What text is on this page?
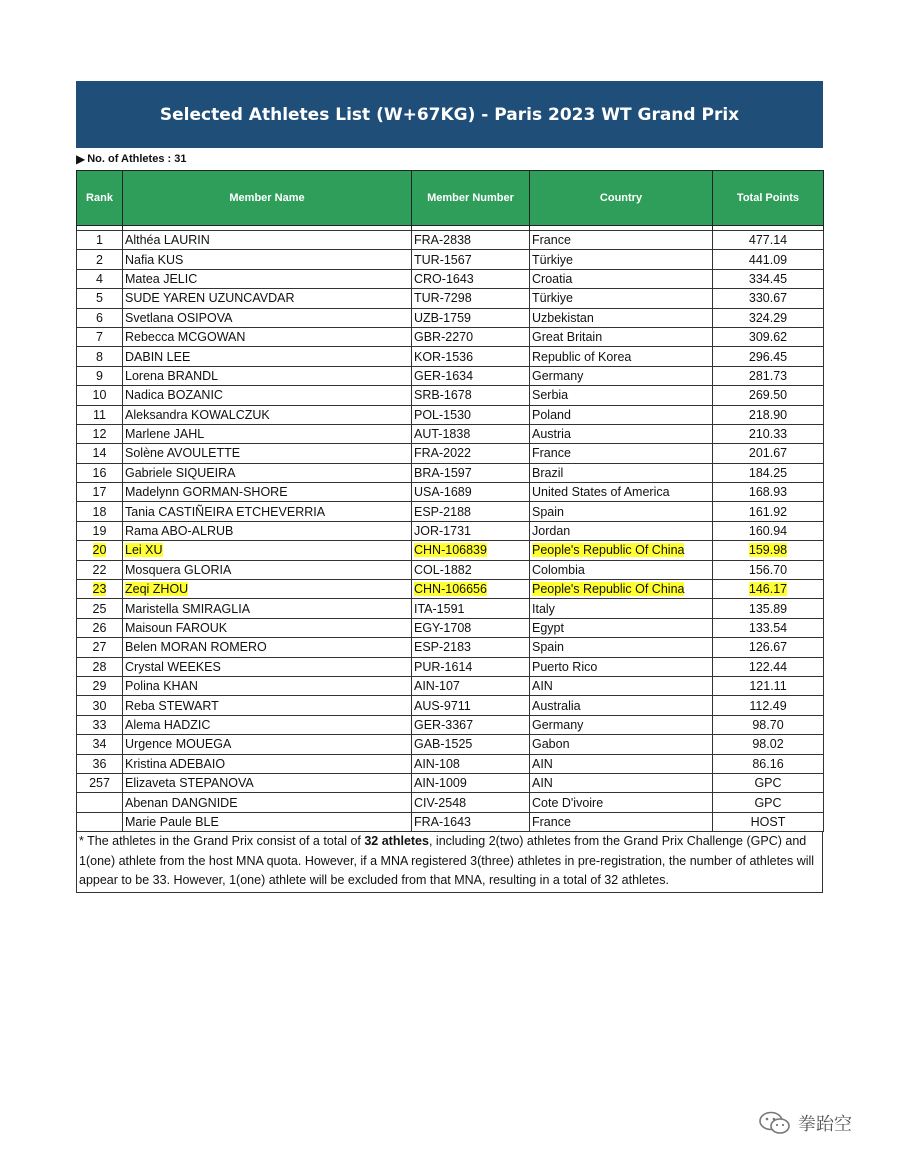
Selected Athletes List (W+67KG) - Paris 2023 WT Grand Prix
▶ No. of Athletes : 31
Rank	Member Name	Member Number	Country	Total Points

1	Althéa LAURIN	FRA-2838	France	477.14
2	Nafia KUS	TUR-1567	Türkiye	441.09
4	Matea JELIC	CRO-1643	Croatia	334.45
5	SUDE YAREN UZUNCAVDAR	TUR-7298	Türkiye	330.67
6	Svetlana OSIPOVA	UZB-1759	Uzbekistan	324.29
7	Rebecca MCGOWAN	GBR-2270	Great Britain	309.62
8	DABIN LEE	KOR-1536	Republic of Korea	296.45
9	Lorena BRANDL	GER-1634	Germany	281.73
10	Nadica BOZANIC	SRB-1678	Serbia	269.50
11	Aleksandra KOWALCZUK	POL-1530	Poland	218.90
12	Marlene JAHL	AUT-1838	Austria	210.33
14	Solène AVOULETTE	FRA-2022	France	201.67
16	Gabriele SIQUEIRA	BRA-1597	Brazil	184.25
17	Madelynn GORMAN-SHORE	USA-1689	United States of America	168.93
18	Tania CASTIÑEIRA ETCHEVERRIA	ESP-2188	Spain	161.92
19	Rama ABO-ALRUB	JOR-1731	Jordan	160.94
20	Lei XU	CHN-106839	People's Republic Of China	159.98
22	Mosquera GLORIA	COL-1882	Colombia	156.70
23	Zeqi ZHOU	CHN-106656	People's Republic Of China	146.17
25	Maristella SMIRAGLIA	ITA-1591	Italy	135.89
26	Maisoun FAROUK	EGY-1708	Egypt	133.54
27	Belen MORAN ROMERO	ESP-2183	Spain	126.67
28	Crystal WEEKES	PUR-1614	Puerto Rico	122.44
29	Polina KHAN	AIN-107	AIN	121.11
30	Reba STEWART	AUS-9711	Australia	112.49
33	Alema HADZIC	GER-3367	Germany	98.70
34	Urgence MOUEGA	GAB-1525	Gabon	98.02
36	Kristina ADEBAIO	AIN-108	AIN	86.16
257	Elizaveta STEPANOVA	AIN-1009	AIN	GPC
	Abenan DANGNIDE	CIV-2548	Cote D'ivoire	GPC
	Marie Paule BLE	FRA-1643	France	HOST
* The athletes in the Grand Prix consist of a total of 32 athletes, including 2(two) athletes from the Grand Prix Challenge (GPC) and 1(one) athlete from the host MNA quota. However, if a MNA registered 3(three) athletes in pre-registration, the number of athletes will appear to be 33. However, 1(one) athlete will be excluded from that MNA, resulting in a total of 32 athletes.
拳跆空
